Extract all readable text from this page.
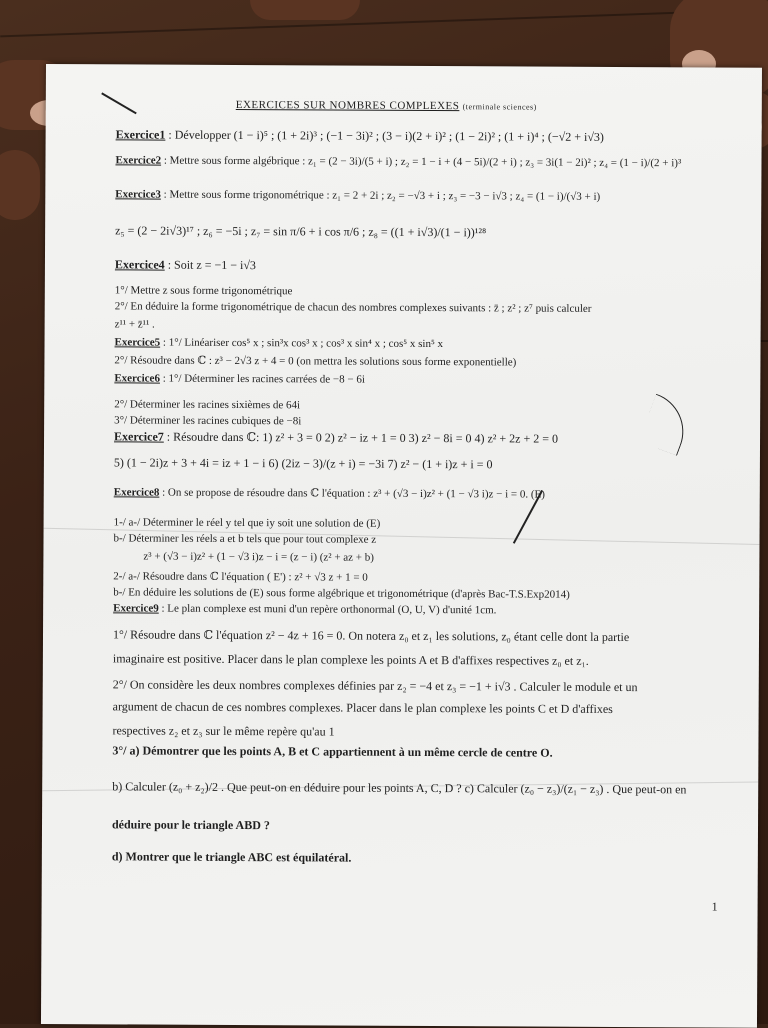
EXERCICES SUR NOMBRES COMPLEXES (terminale sciences)
Exercice1 : Développer (1 − i)⁵ ; (1 + 2i)³ ; (−1 − 3i)² ; (3 − i)(2 + i)² ; (1 − 2i)² ; (1 + i)⁴ ; (−√2 + i√3)
Exercice2 : Mettre sous forme algébrique : z₁ = (2 − 3i)/(5 + i) ; z₂ = 1 − i + (4 − 5i)/(2 + i) ; z₃ = 3i(1 − 2i)² ; z₄ = (1 − i)/(2 + i)³
Exercice3 : Mettre sous forme trigonométrique : z₁ = 2 + 2i ; z₂ = −√3 + i ; z₃ = −3 − i√3 ; z₄ = (1 − i)/(√3 + i)
z₅ = (2 − 2i√3)¹⁷ ; z₆ = −5i ; z₇ = sin π/6 + i cos π/6 ; z₈ = ((1 + i√3)/(1 − i))¹²⁸
Exercice4 : Soit z = −1 − i√3
1°/ Mettre z sous forme trigonométrique
2°/ En déduire la forme trigonométrique de chacun des nombres complexes suivants : z̄ ; z² ; z⁷ puis calculer
z¹¹ + z̄¹¹ .
Exercice5 : 1°/ Linéariser cos⁵ x ; sin³x cos³ x ; cos³ x sin⁴ x ; cos⁵ x sin⁵ x
2°/ Résoudre dans ℂ : z³ − 2√3 z + 4 = 0 (on mettra les solutions sous forme exponentielle)
Exercice6 : 1°/ Déterminer les racines carrées de −8 − 6i
2°/ Déterminer les racines sixièmes de 64i
3°/ Déterminer les racines cubiques de −8i
Exercice7 : Résoudre dans ℂ: 1) z² + 3 = 0 2) z² − iz + 1 = 0 3) z² − 8i = 0 4) z² + 2z + 2 = 0
5) (1 − 2i)z + 3 + 4i = iz + 1 − i 6) (2iz − 3)/(z + i) = −3i 7) z² − (1 + i)z + i = 0
Exercice8 : On se propose de résoudre dans ℂ l'équation : z³ + (√3 − i)z² + (1 − √3 i)z − i = 0. (E)
1-/ a-/ Déterminer le réel y tel que iy soit une solution de (E)
b-/ Déterminer les réels a et b tels que pour tout complexe z
z³ + (√3 − i)z² + (1 − √3 i)z − i = (z − i) (z² + az + b)
2-/ a-/ Résoudre dans ℂ l'équation ( E') : z² + √3 z + 1 = 0
b-/ En déduire les solutions de (E) sous forme algébrique et trigonométrique (d'après Bac-T.S.Exp2014)
Exercice9 : Le plan complexe est muni d'un repère orthonormal (O, U, V) d'unité 1cm.
1°/ Résoudre dans ℂ l'équation z² − 4z + 16 = 0. On notera z₀ et z₁ les solutions, z₀ étant celle dont la partie
imaginaire est positive. Placer dans le plan complexe les points A et B d'affixes respectives z₀ et z₁.
2°/ On considère les deux nombres complexes définies par z₂ = −4 et z₃ = −1 + i√3 . Calculer le module et un
argument de chacun de ces nombres complexes. Placer dans le plan complexe les points C et D d'affixes
respectives z₂ et z₃ sur le même repère qu'au 1
3°/ a) Démontrer que les points A, B et C appartiennent à un même cercle de centre O.
b) Calculer (z₀ + z₂)/2 . Que peut-on en déduire pour les points A, C, D ? c) Calculer (z₀ − z₃)/(z₁ − z₃) . Que peut-on en
déduire pour le triangle ABD ?
d) Montrer que le triangle ABC est équilatéral.
1
